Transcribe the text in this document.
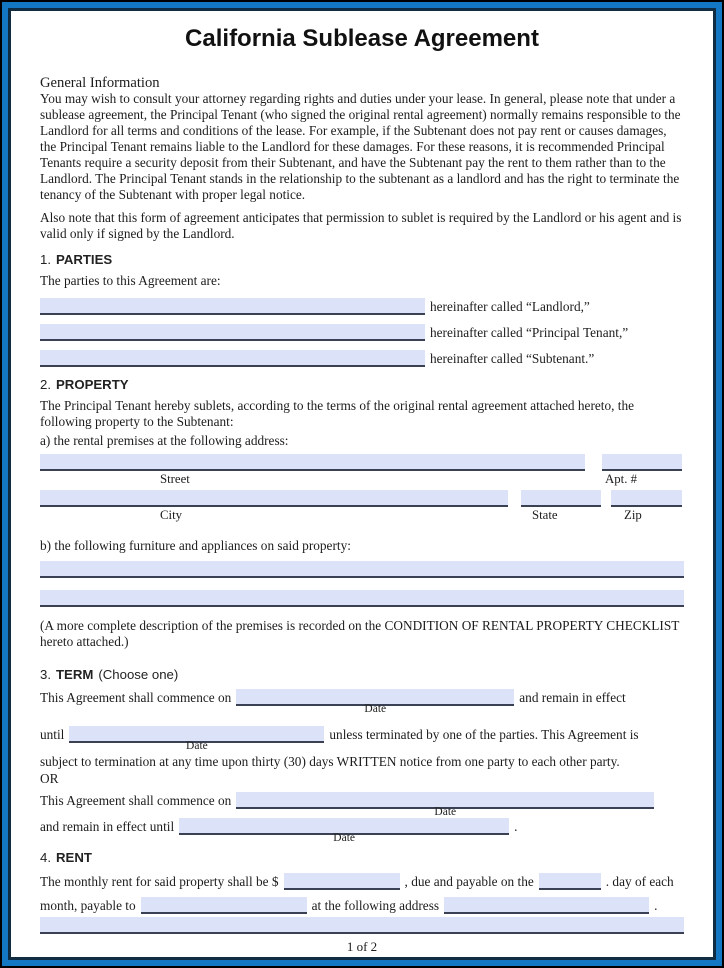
California Sublease Agreement
General Information

You may wish to consult your attorney regarding rights and duties under your lease. In general, please note that under a sublease agreement, the Principal Tenant (who signed the original rental agreement) normally remains responsible to the Landlord for all terms and conditions of the lease. For example, if the Subtenant does not pay rent or causes damages, the Principal Tenant remains liable to the Landlord for these damages. For these reasons, it is recommended Principal Tenants require a security deposit from their Subtenant, and have the Subtenant pay the rent to them rather than to the Landlord. The Principal Tenant stands in the relationship to the subtenant as a landlord and has the right to terminate the tenancy of the Subtenant with proper legal notice.

Also note that this form of agreement anticipates that permission to sublet is required by the Landlord or his agent and is valid only if signed by the Landlord.

1. PARTIES
The parties to this Agreement are:
hereinafter called “Landlord,”
hereinafter called “Principal Tenant,”
hereinafter called “Subtenant.”
2. PROPERTY
The Principal Tenant hereby sublets, according to the terms of the original rental agreement attached hereto, the following property to the Subtenant:
a) the rental premises at the following address:
Street	Apt. #
City	State	Zip
b) the following furniture and appliances on said property:
(A more complete description of the premises is recorded on the CONDITION OF RENTAL PROPERTY CHECKLIST hereto attached.)
3. TERM (Choose one)
This Agreement shall commence on
Date
and remain in effect
until
Date
unless terminated by one of the parties. This Agreement is
subject to termination at any time upon thirty (30) days WRITTEN notice from one party to each other party.
OR
This Agreement shall commence on
Date
and remain in effect until
Date
.
4. RENT
The monthly rent for said property shall be $	, due and payable on the	. day of each
month, payable to	at the following address	.
1 of 2
